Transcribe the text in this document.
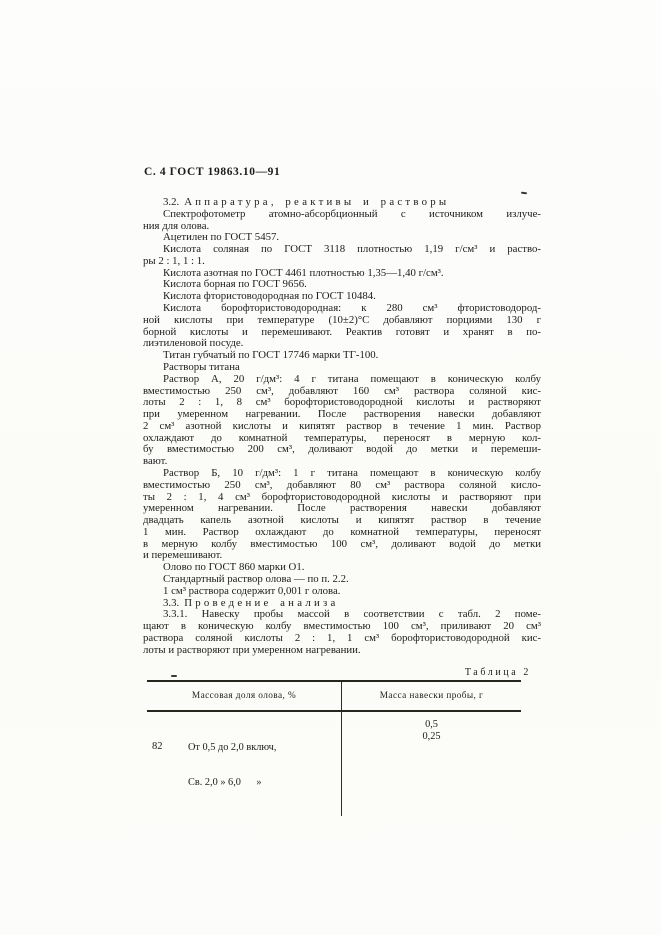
С. 4 ГОСТ 19863.10—91

3.2. Аппаратура, реактивы и растворы

Спектрофотометр атомно-абсорбционный с источником излуче-
ния для олова.

Ацетилен по ГОСТ 5457.

Кислота соляная по ГОСТ 3118 плотностью 1,19 г/см³ и раство-
ры 2 : 1, 1 : 1.

Кислота азотная по ГОСТ 4461 плотностью 1,35—1,40 г/см³.

Кислота борная по ГОСТ 9656.

Кислота фтористоводородная по ГОСТ 10484.

Кислота борофтористоводородная: к 280 см³ фтористоводород-
ной кислоты при температуре (10±2)°С добавляют порциями 130 г
борной кислоты и перемешивают. Реактив готовят и хранят в по-
лиэтиленовой посуде.

Титан губчатый по ГОСТ 17746 марки ТГ-100.

Растворы титана

Раствор А, 20 г/дм³: 4 г титана помещают в коническую колбу
вместимостью 250 см³, добавляют 160 см³ раствора соляной кис-
лоты 2 : 1, 8 см³ борофтористоводородной кислоты и растворяют
при умеренном нагревании. После растворения навески добавляют
2 см³ азотной кислоты и кипятят раствор в течение 1 мин. Раствор
охлаждают до комнатной температуры, переносят в мерную кол-
бу вместимостью 200 см³, доливают водой до метки и перемеши-
вают.

Раствор Б, 10 г/дм³: 1 г титана помещают в коническую колбу
вместимостью 250 см³, добавляют 80 см³ раствора соляной кисло-
ты 2 : 1, 4 см³ борофтористоводородной кислоты и растворяют при
умеренном нагревании. После растворения навески добавляют
двадцать капель азотной кислоты и кипятят раствор в течение
1 мин. Раствор охлаждают до комнатной температуры, переносят
в мерную колбу вместимостью 100 см³, доливают водой до метки
и перемешивают.

Олово по ГОСТ 860 марки О1.

Стандартный раствор олова — по п. 2.2.

1 см³ раствора содержит 0,001 г олова.

3.3. Проведение анализа

3.3.1. Навеску пробы массой в соответствии с табл. 2 поме-
щают в коническую колбу вместимостью 100 см³, приливают 20 см³
раствора соляной кислоты 2 : 1, 1 см³ борофтористоводородной кис-
лоты и растворяют при умеренном нагревании.

Таблица 2
Массовая доля олова, %	Масса навески пробы, г

От 0,5 до 2,0 включ,

Св. 2,0 » 6,0  »

0,5
0,25
82
